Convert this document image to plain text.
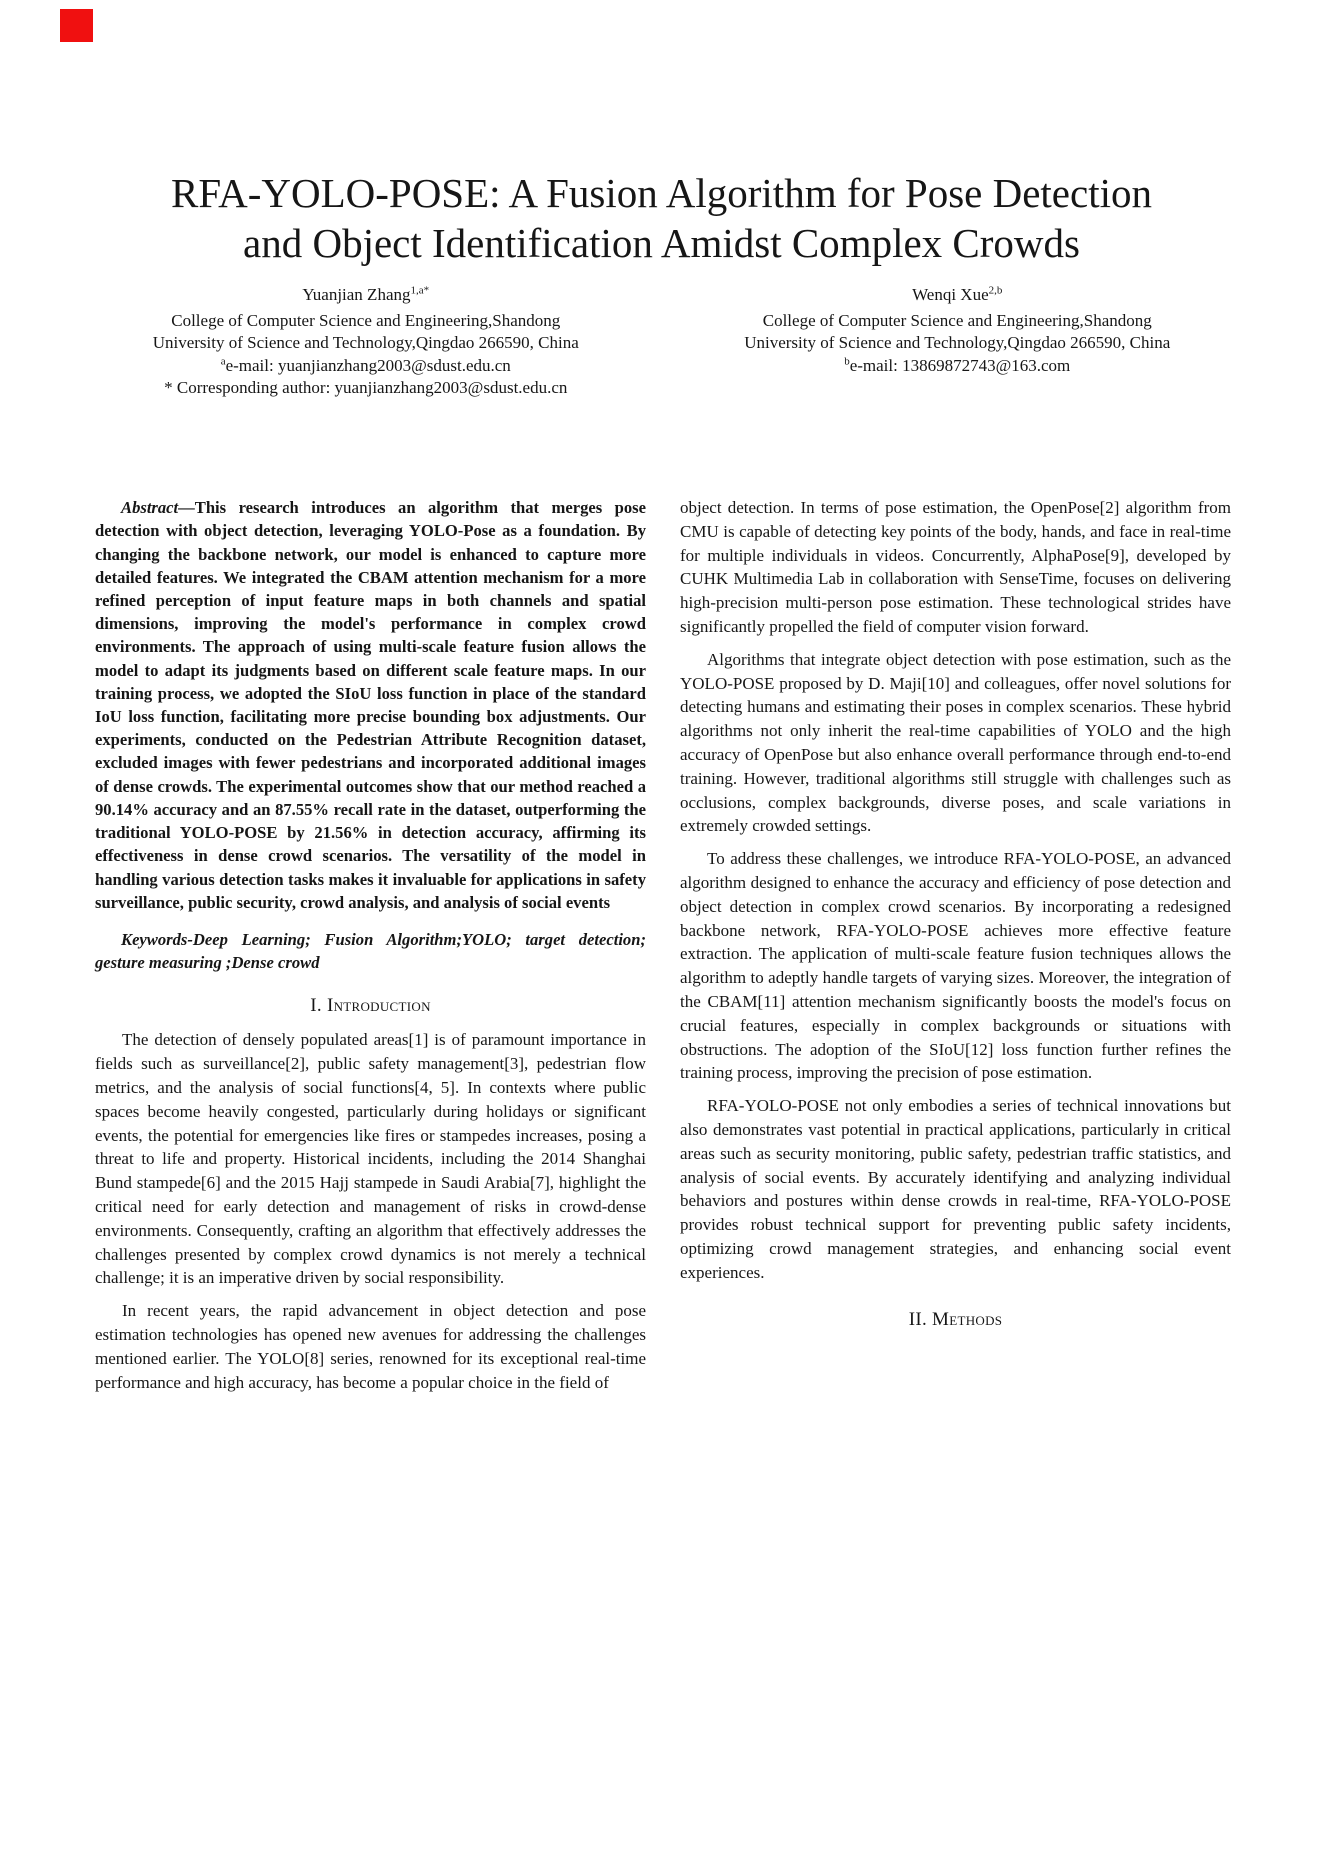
RFA-YOLO-POSE: A Fusion Algorithm for Pose Detection and Object Identification Amidst Complex Crowds
Yuanjian Zhang$^{1,a*}$
College of Computer Science and Engineering,Shandong
University of Science and Technology,Qingdao 266590, China
$^a$e-mail: yuanjianzhang2003@sdust.edu.cn
* Corresponding author: yuanjianzhang2003@sdust.edu.cn
Wenqi Xue$^{2,b}$
College of Computer Science and Engineering,Shandong
University of Science and Technology,Qingdao 266590, China
$^b$e-mail: 13869872743@163.com

Abstract—This research introduces an algorithm that merges pose detection with object detection, leveraging YOLO-Pose as a foundation. By changing the backbone network, our model is enhanced to capture more detailed features. We integrated the CBAM attention mechanism for a more refined perception of input feature maps in both channels and spatial dimensions, improving the model's performance in complex crowd environments. The approach of using multi-scale feature fusion allows the model to adapt its judgments based on different scale feature maps. In our training process, we adopted the SIoU loss function in place of the standard IoU loss function, facilitating more precise bounding box adjustments. Our experiments, conducted on the Pedestrian Attribute Recognition dataset, excluded images with fewer pedestrians and incorporated additional images of dense crowds. The experimental outcomes show that our method reached a 90.14% accuracy and an 87.55% recall rate in the dataset, outperforming the traditional YOLO-POSE by 21.56% in detection accuracy, affirming its effectiveness in dense crowd scenarios. The versatility of the model in handling various detection tasks makes it invaluable for applications in safety surveillance, public security, crowd analysis, and analysis of social events

Keywords-Deep Learning; Fusion Algorithm;YOLO; target detection; gesture measuring ;Dense crowd

I. Introduction

The detection of densely populated areas[1] is of paramount importance in fields such as surveillance[2], public safety management[3], pedestrian flow metrics, and the analysis of social functions[4, 5]. In contexts where public spaces become heavily congested, particularly during holidays or significant events, the potential for emergencies like fires or stampedes increases, posing a threat to life and property. Historical incidents, including the 2014 Shanghai Bund stampede[6] and the 2015 Hajj stampede in Saudi Arabia[7], highlight the critical need for early detection and management of risks in crowd-dense environments. Consequently, crafting an algorithm that effectively addresses the challenges presented by complex crowd dynamics is not merely a technical challenge; it is an imperative driven by social responsibility.

In recent years, the rapid advancement in object detection and pose estimation technologies has opened new avenues for addressing the challenges mentioned earlier. The YOLO[8] series, renowned for its exceptional real-time performance and high accuracy, has become a popular choice in the field of

object detection. In terms of pose estimation, the OpenPose[2] algorithm from CMU is capable of detecting key points of the body, hands, and face in real-time for multiple individuals in videos. Concurrently, AlphaPose[9], developed by CUHK Multimedia Lab in collaboration with SenseTime, focuses on delivering high-precision multi-person pose estimation. These technological strides have significantly propelled the field of computer vision forward.

Algorithms that integrate object detection with pose estimation, such as the YOLO-POSE proposed by D. Maji[10] and colleagues, offer novel solutions for detecting humans and estimating their poses in complex scenarios. These hybrid algorithms not only inherit the real-time capabilities of YOLO and the high accuracy of OpenPose but also enhance overall performance through end-to-end training. However, traditional algorithms still struggle with challenges such as occlusions, complex backgrounds, diverse poses, and scale variations in extremely crowded settings.

To address these challenges, we introduce RFA-YOLO-POSE, an advanced algorithm designed to enhance the accuracy and efficiency of pose detection and object detection in complex crowd scenarios. By incorporating a redesigned backbone network, RFA-YOLO-POSE achieves more effective feature extraction. The application of multi-scale feature fusion techniques allows the algorithm to adeptly handle targets of varying sizes. Moreover, the integration of the CBAM[11] attention mechanism significantly boosts the model's focus on crucial features, especially in complex backgrounds or situations with obstructions. The adoption of the SIoU[12] loss function further refines the training process, improving the precision of pose estimation.

RFA-YOLO-POSE not only embodies a series of technical innovations but also demonstrates vast potential in practical applications, particularly in critical areas such as security monitoring, public safety, pedestrian traffic statistics, and analysis of social events. By accurately identifying and analyzing individual behaviors and postures within dense crowds in real-time, RFA-YOLO-POSE provides robust technical support for preventing public safety incidents, optimizing crowd management strategies, and enhancing social event experiences.

II. Methods
